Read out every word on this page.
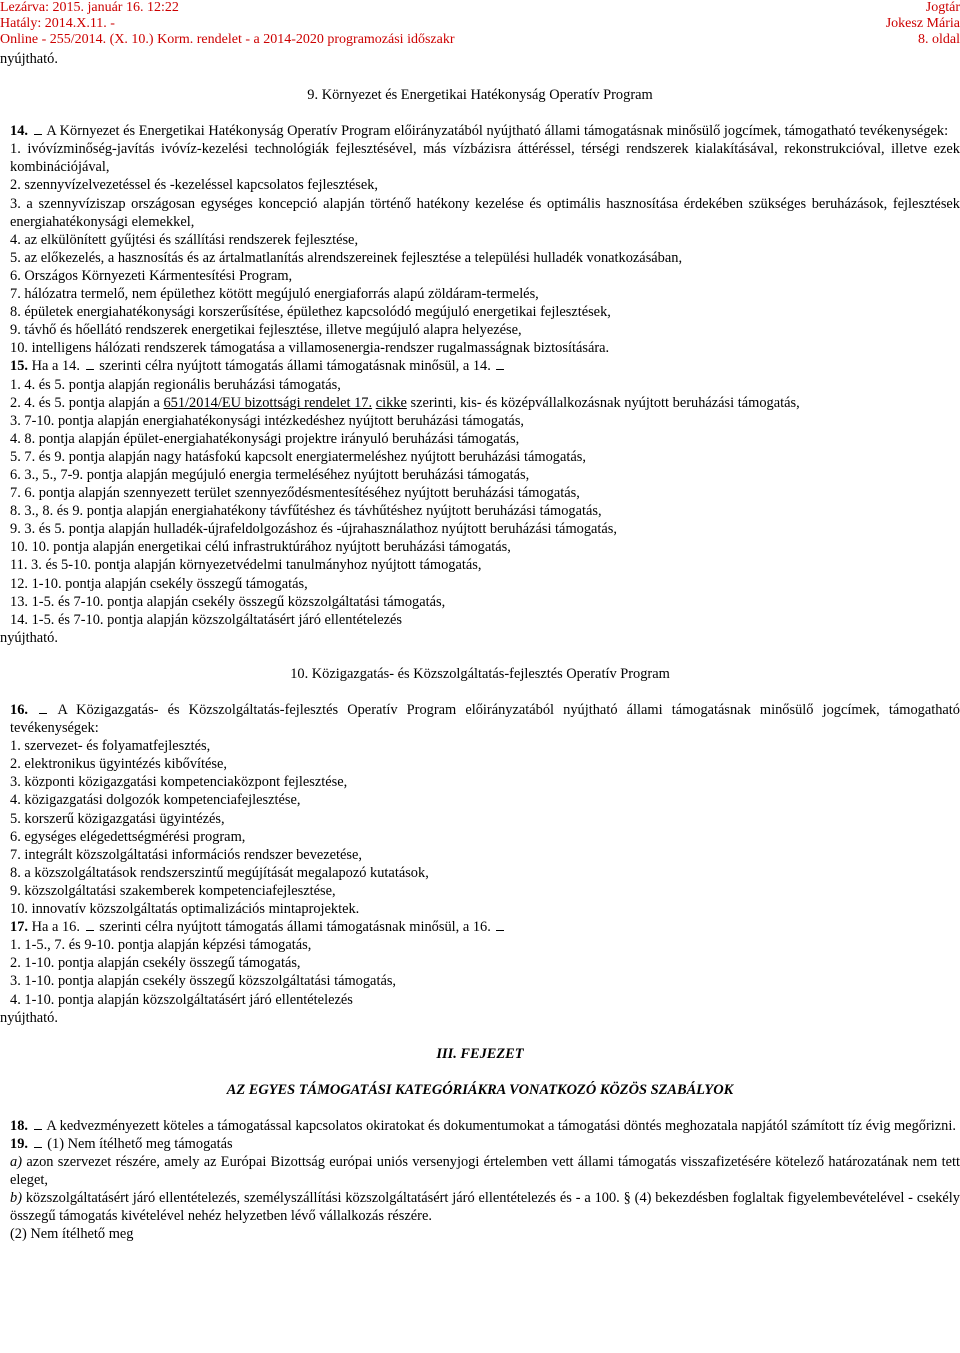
Lezárva: 2015. január 16. 12:22
Hatály: 2014.X.11. -
Online - 255/2014. (X. 10.) Korm. rendelet - a 2014-2020 programozási időszakr
Jogtár
Jokesz Mária
8. oldal

nyújtható.

9. Környezet és Energetikai Hatékonyság Operatív Program

14. A Környezet és Energetikai Hatékonyság Operatív Program előirányzatából nyújtható állami támogatásnak minősülő jogcímek, támogatható tevékenységek:

1. ivóvízminőség-javítás ivóvíz-kezelési technológiák fejlesztésével, más vízbázisra áttéréssel, térségi rendszerek kialakításával, rekonstrukcióval, illetve ezek kombinációjával,

2. szennyvízelvezetéssel és -kezeléssel kapcsolatos fejlesztések,

3. a szennyvíziszap országosan egységes koncepció alapján történő hatékony kezelése és optimális hasznosítása érdekében szükséges beruházások, fejlesztések energiahatékonysági elemekkel,

4. az elkülönített gyűjtési és szállítási rendszerek fejlesztése,

5. az előkezelés, a hasznosítás és az ártalmatlanítás alrendszereinek fejlesztése a települési hulladék vonatkozásában,

6. Országos Környezeti Kármentesítési Program,

7. hálózatra termelő, nem épülethez kötött megújuló energiaforrás alapú zöldáram-termelés,

8. épületek energiahatékonysági korszerűsítése, épülethez kapcsolódó megújuló energetikai fejlesztések,

9. távhő és hőellátó rendszerek energetikai fejlesztése, illetve megújuló alapra helyezése,

10. intelligens hálózati rendszerek támogatása a villamosenergia-rendszer rugalmasságnak biztosítására.

15. Ha a 14. szerinti célra nyújtott támogatás állami támogatásnak minősül, a 14.

1. 4. és 5. pontja alapján regionális beruházási támogatás,

2. 4. és 5. pontja alapján a 651/2014/EU bizottsági rendelet 17. cikke szerinti, kis- és középvállalkozásnak nyújtott beruházási támogatás,

3. 7-10. pontja alapján energiahatékonysági intézkedéshez nyújtott beruházási támogatás,

4. 8. pontja alapján épület-energiahatékonysági projektre irányuló beruházási támogatás,

5. 7. és 9. pontja alapján nagy hatásfokú kapcsolt energiatermeléshez nyújtott beruházási támogatás,

6. 3., 5., 7-9. pontja alapján megújuló energia termeléséhez nyújtott beruházási támogatás,

7. 6. pontja alapján szennyezett terület szennyeződésmentesítéséhez nyújtott beruházási támogatás,

8. 3., 8. és 9. pontja alapján energiahatékony távfűtéshez és távhűtéshez nyújtott beruházási támogatás,

9. 3. és 5. pontja alapján hulladék-újrafeldolgozáshoz és -újrahasználathoz nyújtott beruházási támogatás,

10. 10. pontja alapján energetikai célú infrastruktúrához nyújtott beruházási támogatás,

11. 3. és 5-10. pontja alapján környezetvédelmi tanulmányhoz nyújtott támogatás,

12. 1-10. pontja alapján csekély összegű támogatás,

13. 1-5. és 7-10. pontja alapján csekély összegű közszolgáltatási támogatás,

14. 1-5. és 7-10. pontja alapján közszolgáltatásért járó ellentételezés

nyújtható.

10. Közigazgatás- és Közszolgáltatás-fejlesztés Operatív Program

16. A Közigazgatás- és Közszolgáltatás-fejlesztés Operatív Program előirányzatából nyújtható állami támogatásnak minősülő jogcímek, támogatható tevékenységek:

1. szervezet- és folyamatfejlesztés,

2. elektronikus ügyintézés kibővítése,

3. központi közigazgatási kompetenciaközpont fejlesztése,

4. közigazgatási dolgozók kompetenciafejlesztése,

5. korszerű közigazgatási ügyintézés,

6. egységes elégedettségmérési program,

7. integrált közszolgáltatási információs rendszer bevezetése,

8. a közszolgáltatások rendszerszintű megújítását megalapozó kutatások,

9. közszolgáltatási szakemberek kompetenciafejlesztése,

10. innovatív közszolgáltatás optimalizációs mintaprojektek.

17. Ha a 16. szerinti célra nyújtott támogatás állami támogatásnak minősül, a 16.

1. 1-5., 7. és 9-10. pontja alapján képzési támogatás,

2. 1-10. pontja alapján csekély összegű támogatás,

3. 1-10. pontja alapján csekély összegű közszolgáltatási támogatás,

4. 1-10. pontja alapján közszolgáltatásért járó ellentételezés

nyújtható.

III. FEJEZET

AZ EGYES TÁMOGATÁSI KATEGÓRIÁKRA VONATKOZÓ KÖZÖS SZABÁLYOK

18. A kedvezményezett köteles a támogatással kapcsolatos okiratokat és dokumentumokat a támogatási döntés meghozatala napjától számított tíz évig megőrizni.

19. (1) Nem ítélhető meg támogatás

a) azon szervezet részére, amely az Európai Bizottság európai uniós versenyjogi értelemben vett állami támogatás visszafizetésére kötelező határozatának nem tett eleget,

b) közszolgáltatásért járó ellentételezés, személyszállítási közszolgáltatásért járó ellentételezés és - a 100. § (4) bekezdésben foglaltak figyelembevételével - csekély összegű támogatás kivételével nehéz helyzetben lévő vállalkozás részére.

(2) Nem ítélhető meg
